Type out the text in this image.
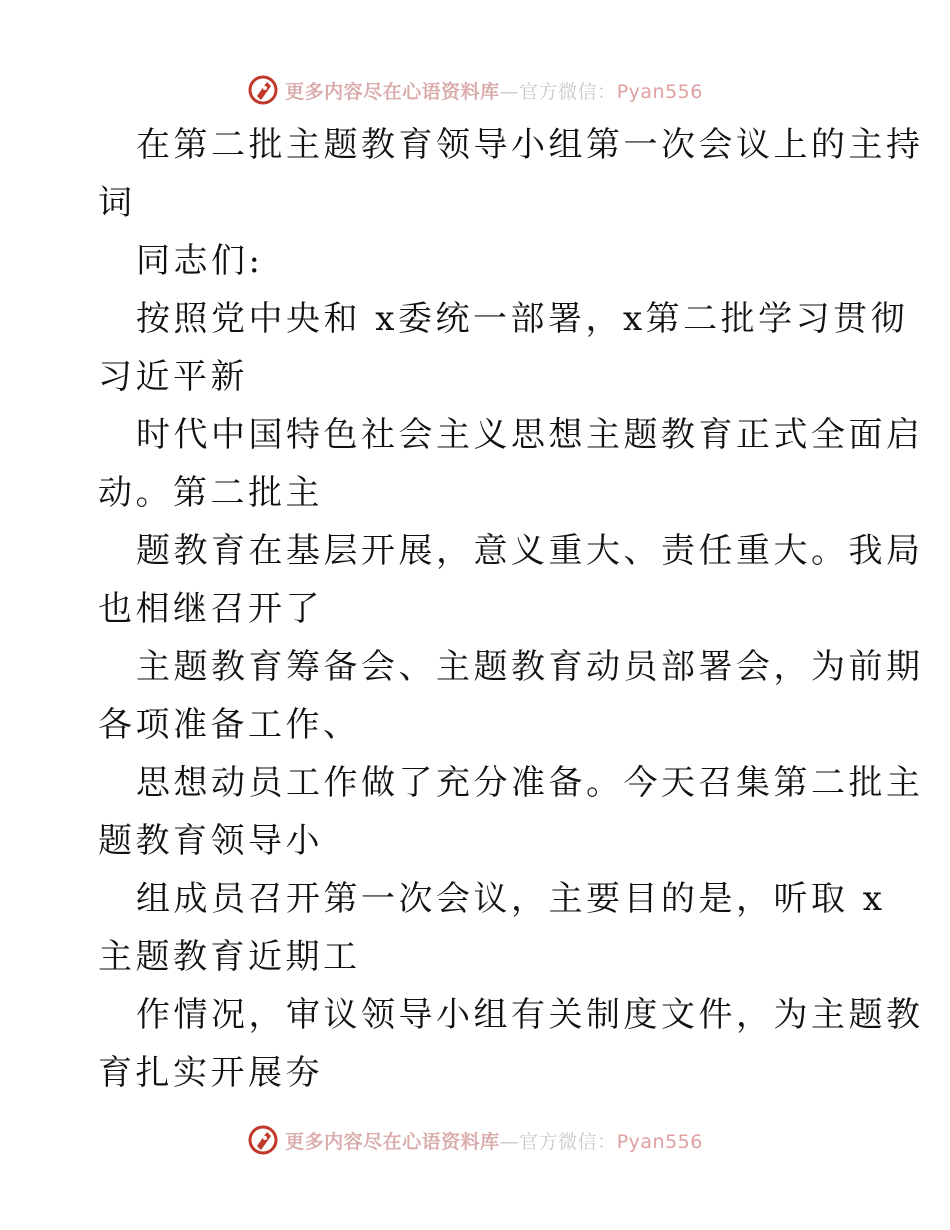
更多内容尽在心语资料库—官方微信：Pyan556

在第二批主题教育领导小组第一次会议上的主持

词

同志们:

按照党中央和 x委统一部署，x第二批学习贯彻

习近平新

时代中国特色社会主义思想主题教育正式全面启

动。第二批主

题教育在基层开展，意义重大、责任重大。我局

也相继召开了

主题教育筹备会、主题教育动员部署会，为前期

各项准备工作、

思想动员工作做了充分准备。今天召集第二批主

题教育领导小

组成员召开第一次会议，主要目的是，听取 x

主题教育近期工

作情况，审议领导小组有关制度文件，为主题教

育扎实开展夯

更多内容尽在心语资料库—官方微信：Pyan556
